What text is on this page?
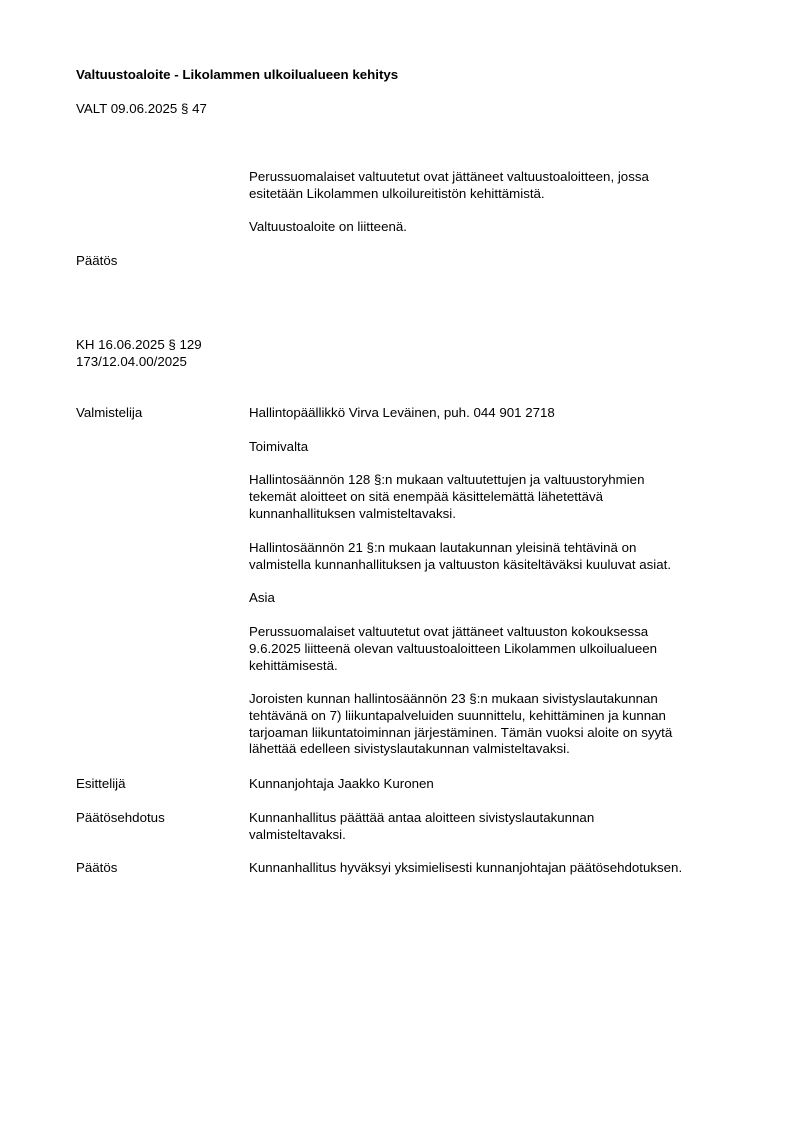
Valtuustoaloite - Likolammen ulkoilualueen kehitys
VALT 09.06.2025 § 47

Perussuomalaiset valtuutetut ovat jättäneet valtuustoaloitteen, jossa

esitetään Likolammen ulkoilureitistön kehittämistä.

Valtuustoaloite on liitteenä.
Päätös

KH 16.06.2025 § 129

173/12.04.00/2025

Valmistelija	Hallintopäällikkö Virva Leväinen, puh. 044 901 2718
Toimivalta

Hallintosäännön 128 §:n mukaan valtuutettujen ja valtuustoryhmien

tekemät aloitteet on sitä enempää käsittelemättä lähetettävä

kunnanhallituksen valmisteltavaksi.

Hallintosäännön 21 §:n mukaan lautakunnan yleisinä tehtävinä on

valmistella kunnanhallituksen ja valtuuston käsiteltäväksi kuuluvat asiat.

Asia

Perussuomalaiset valtuutetut ovat jättäneet valtuuston kokouksessa

9.6.2025 liitteenä olevan valtuustoaloitteen Likolammen ulkoilualueen

kehittämisestä.

Joroisten kunnan hallintosäännön 23 §:n mukaan sivistyslautakunnan

tehtävänä on 7) liikuntapalveluiden suunnittelu, kehittäminen ja kunnan

tarjoaman liikuntatoiminnan järjestäminen. Tämän vuoksi aloite on syytä

lähettää edelleen sivistyslautakunnan valmisteltavaksi.

Esittelijä	Kunnanjohtaja Jaakko Kuronen
Päätösehdotus	Kunnanhallitus päättää antaa aloitteen sivistyslautakunnan

valmisteltavaksi.

Päätös	Kunnanhallitus hyväksyi yksimielisesti kunnanjohtajan päätösehdotuksen.
